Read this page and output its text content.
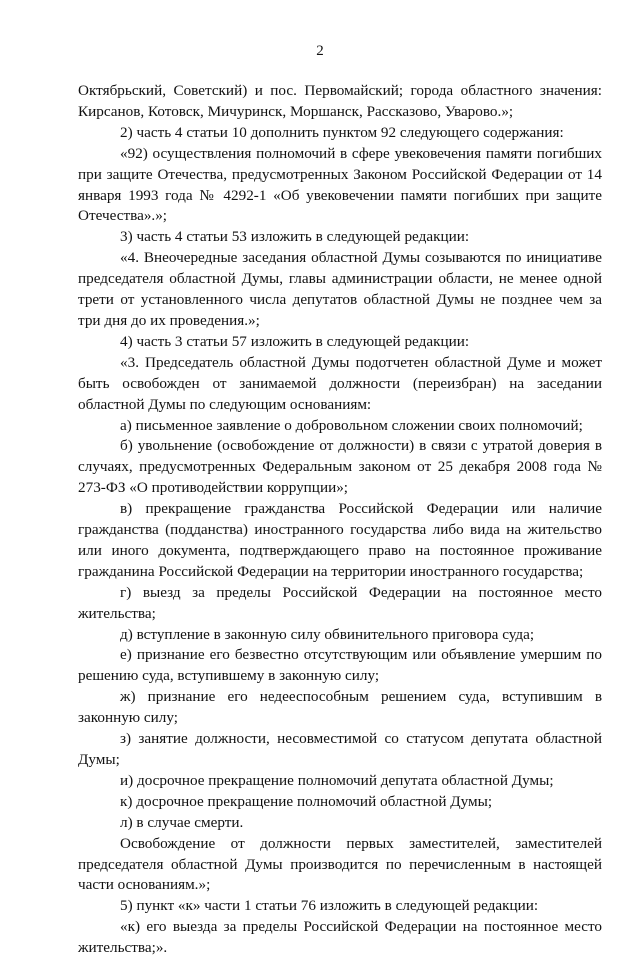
2

Октябрьский, Советский) и пос. Первомайский; города областного значения: Кирсанов, Котовск, Мичуринск, Моршанск, Рассказово, Уварово.»;

2) часть 4 статьи 10 дополнить пунктом 92 следующего содержания:

«92) осуществления полномочий в сфере увековечения памяти погибших при защите Отечества, предусмотренных Законом Российской Федерации от 14 января 1993 года № 4292-1 «Об увековечении памяти погибших при защите Отечества».»;

3) часть 4 статьи 53 изложить в следующей редакции:

«4. Внеочередные заседания областной Думы созываются по инициативе председателя областной Думы, главы администрации области, не менее одной трети от установленного числа депутатов областной Думы не позднее чем за три дня до их проведения.»;

4) часть 3 статьи 57 изложить в следующей редакции:

«3. Председатель областной Думы подотчетен областной Думе и может быть освобожден от занимаемой должности (переизбран) на заседании областной Думы по следующим основаниям:

а) письменное заявление о добровольном сложении своих полномочий;

б) увольнение (освобождение от должности) в связи с утратой доверия в случаях, предусмотренных Федеральным законом от 25 декабря 2008 года № 273-ФЗ «О противодействии коррупции»;

в) прекращение гражданства Российской Федерации или наличие гражданства (подданства) иностранного государства либо вида на жительство или иного документа, подтверждающего право на постоянное проживание гражданина Российской Федерации на территории иностранного государства;

г) выезд за пределы Российской Федерации на постоянное место жительства;

д) вступление в законную силу обвинительного приговора суда;

е) признание его безвестно отсутствующим или объявление умершим по решению суда, вступившему в законную силу;

ж) признание его недееспособным решением суда, вступившим в законную силу;

з) занятие должности, несовместимой со статусом депутата областной Думы;

и) досрочное прекращение полномочий депутата областной Думы;

к) досрочное прекращение полномочий областной Думы;

л) в случае смерти.

Освобождение от должности первых заместителей, заместителей председателя областной Думы производится по перечисленным в настоящей части основаниям.»;

5) пункт «к» части 1 статьи 76 изложить в следующей редакции:

«к) его выезда за пределы Российской Федерации на постоянное место жительства;».
